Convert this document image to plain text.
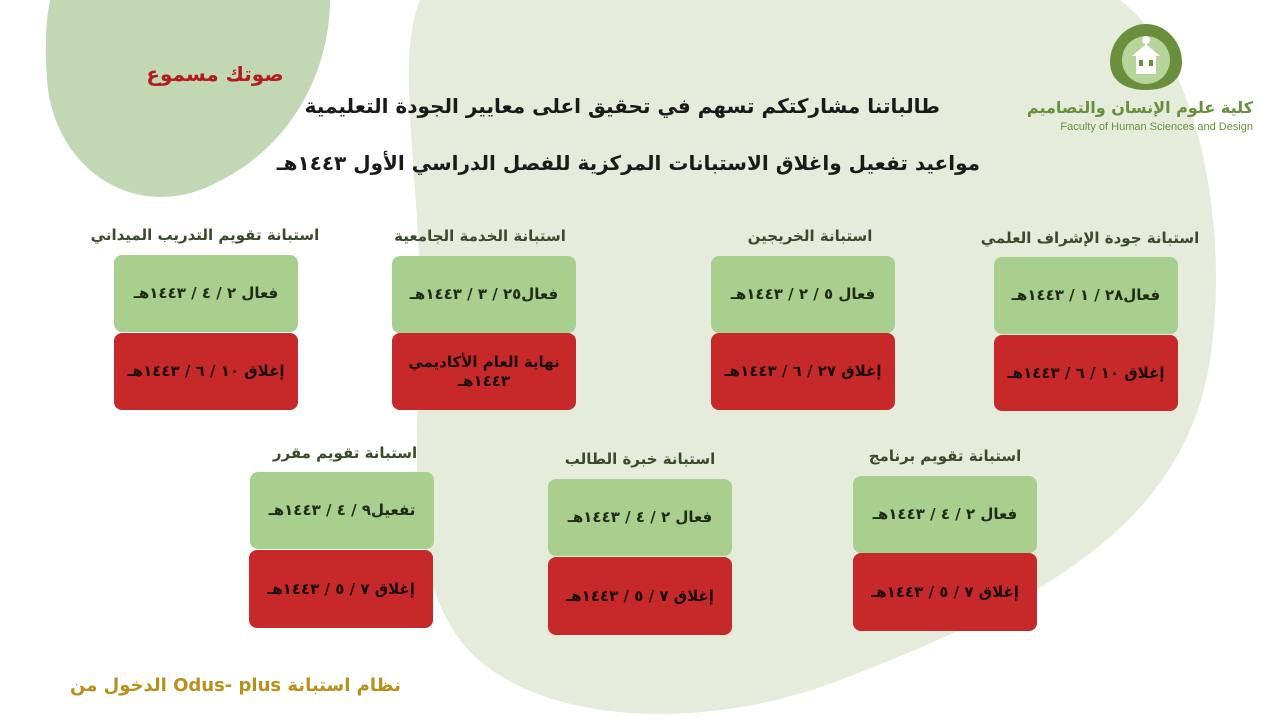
كلية علوم الإنسان والتصاميم
Faculty of Human Sciences and Design
صوتك مسموع
طالباتنا مشاركتكم تسهم في تحقيق اعلى معايير الجودة التعليمية
مواعيد تفعيل واغلاق الاستبانات المركزية للفصل الدراسي الأول ١٤٤٣هـ
استبانة جودة الإشراف العلمي
فعال٢٨ / ١ / ١٤٤٣هـ
إغلاق ١٠ / ٦ / ١٤٤٣هـ
استبانة الخريجين
فعال ٥ / ٢ / ١٤٤٣هـ
إغلاق ٢٧ / ٦ / ١٤٤٣هـ
استبانة الخدمة الجامعية
فعال٢٥ / ٣ / ١٤٤٣هـ
نهاية العام الأكاديمي ١٤٤٣هـ
استبانة تقويم التدريب الميداني
فعال ٢ / ٤ / ١٤٤٣هـ
إغلاق ١٠ / ٦ / ١٤٤٣هـ
استبانة تقويم برنامج
فعال ٢ / ٤ / ١٤٤٣هـ
إغلاق ٧ / ٥ / ١٤٤٣هـ
استبانة خبرة الطالب
فعال ٢ / ٤ / ١٤٤٣هـ
إغلاق ٧ / ٥ / ١٤٤٣هـ
استبانة تقويم مقرر
تفعيل٩ / ٤ / ١٤٤٣هـ
إغلاق ٧ / ٥ / ١٤٤٣هـ
الدخول من Odus- plus نظام استبانة
